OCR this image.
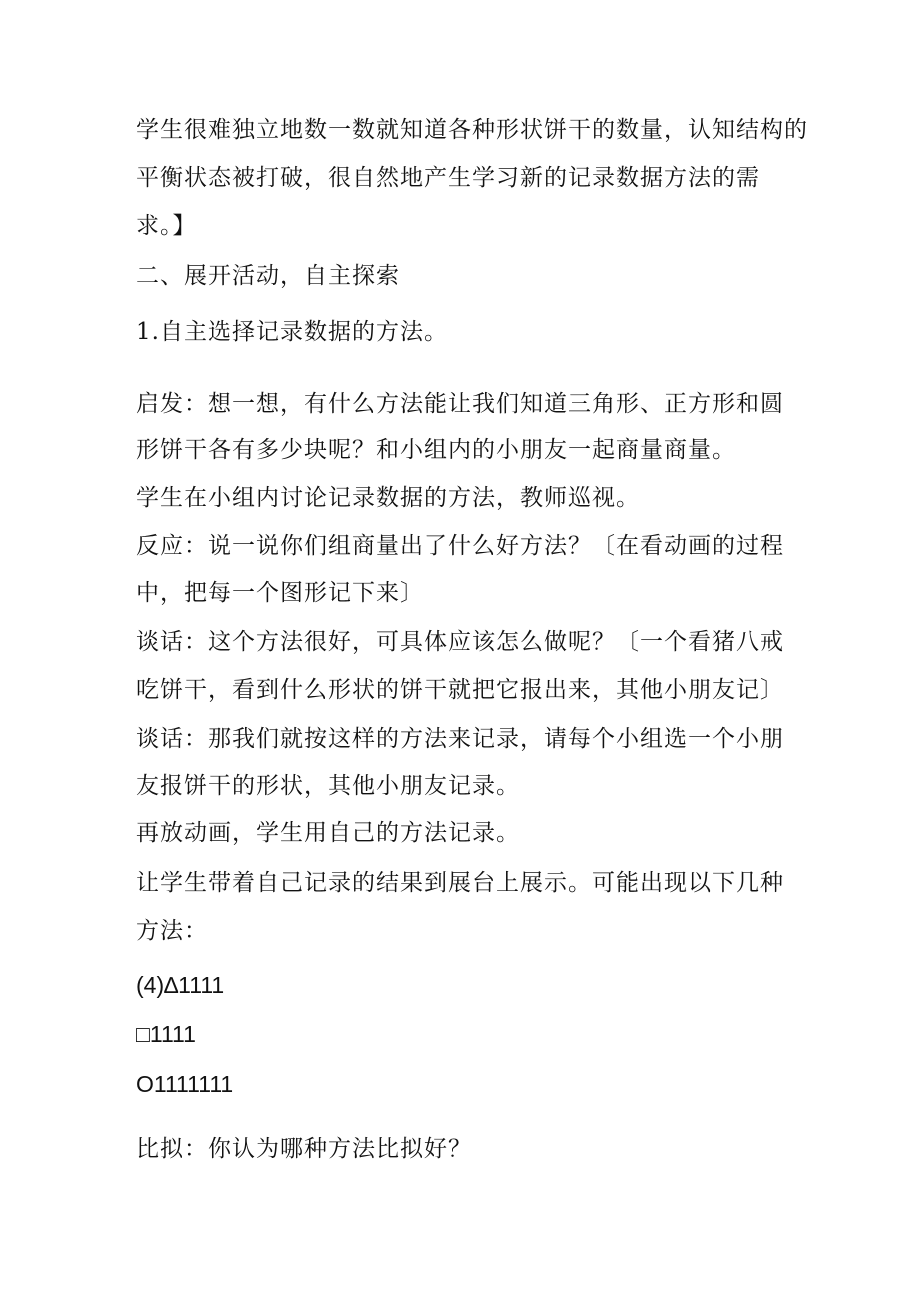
学生很难独立地数一数就知道各种形状饼干的数量，认知结构的
平衡状态被打破，很自然地产生学习新的记录数据方法的需
求。】
二、展开活动，自主探索
1.自主选择记录数据的方法。
启发：想一想，有什么方法能让我们知道三角形、正方形和圆
形饼干各有多少块呢？和小组内的小朋友一起商量商量。
学生在小组内讨论记录数据的方法，教师巡视。
反应：说一说你们组商量出了什么好方法？〔在看动画的过程
中，把每一个图形记下来〕
谈话：这个方法很好，可具体应该怎么做呢？〔一个看猪八戒
吃饼干，看到什么形状的饼干就把它报出来，其他小朋友记〕
谈话：那我们就按这样的方法来记录，请每个小组选一个小朋
友报饼干的形状，其他小朋友记录。
再放动画，学生用自己的方法记录。
让学生带着自己记录的结果到展台上展示。可能出现以下几种
方法：
(4)∆1111
□1111
O1111111
比拟：你认为哪种方法比拟好？
